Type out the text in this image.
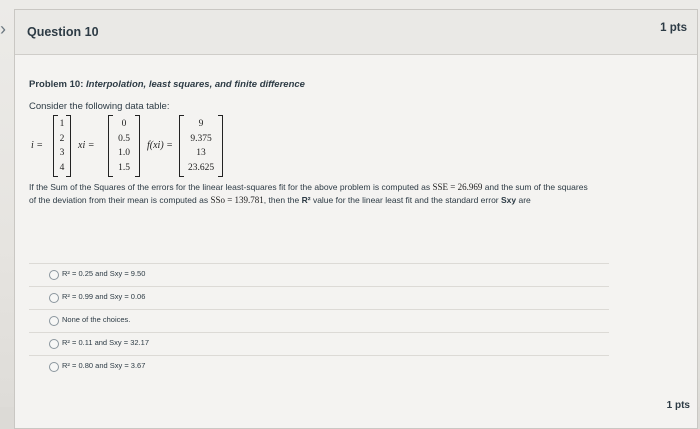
› Question 10	1 pts
Problem 10: Interpolation, least squares, and finite difference
Consider the following data table:
i =
1
2
3
4
xi =
0
0.5
1.0
1.5
f(xi) =
9
9.375
13
23.625
If the Sum of the Squares of the errors for the linear least-squares fit for the above problem is computed as SSE = 26.969 and the sum of the squares of the deviation from their mean is computed as SSo = 139.781, then the R² value for the linear least fit and the standard error Sxy are
R² = 0.25 and Sxy = 9.50
R² = 0.99 and Sxy = 0.06
None of the choices.
R² = 0.11 and Sxy = 32.17
R² = 0.80 and Sxy = 3.67
1 pts
